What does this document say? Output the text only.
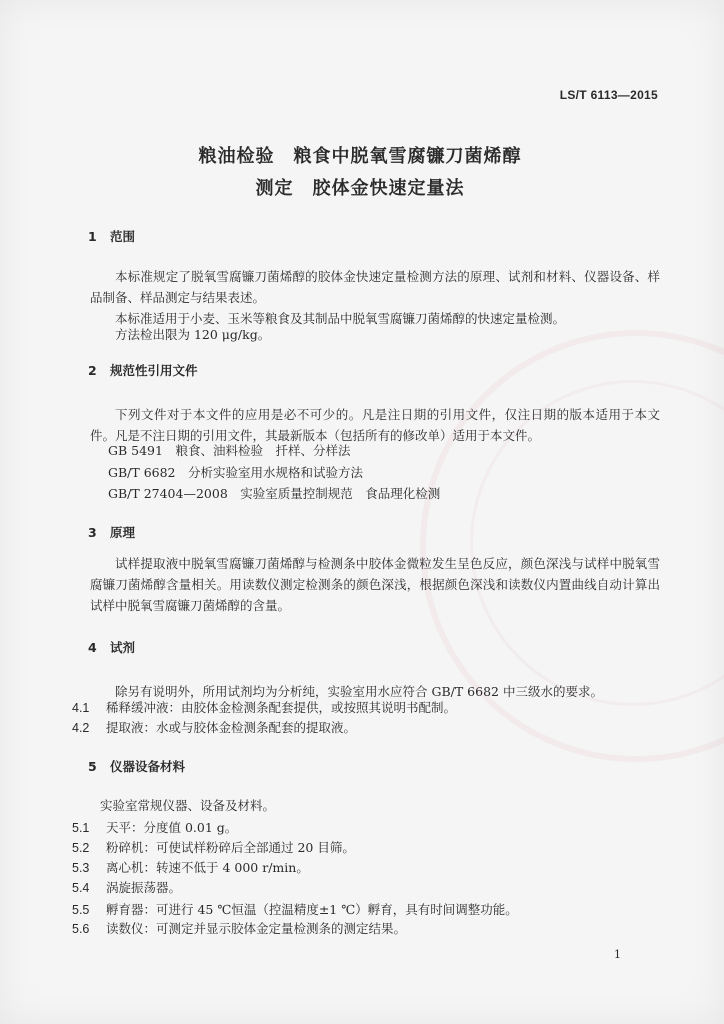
LS/T 6113—2015
粮油检验　粮食中脱氧雪腐镰刀菌烯醇
测定　胶体金快速定量法
1 范围
本标准规定了脱氧雪腐镰刀菌烯醇的胶体金快速定量检测方法的原理、试剂和材料、仪器设备、样品制备、样品测定与结果表述。
本标准适用于小麦、玉米等粮食及其制品中脱氧雪腐镰刀菌烯醇的快速定量检测。
方法检出限为 120 μg/kg。
2 规范性引用文件
下列文件对于本文件的应用是必不可少的。凡是注日期的引用文件，仅注日期的版本适用于本文件。凡是不注日期的引用文件，其最新版本（包括所有的修改单）适用于本文件。
GB 5491　粮食、油料检验　扦样、分样法
GB/T 6682　分析实验室用水规格和试验方法
GB/T 27404—2008　实验室质量控制规范　食品理化检测
3 原理
试样提取液中脱氧雪腐镰刀菌烯醇与检测条中胶体金微粒发生呈色反应，颜色深浅与试样中脱氧雪腐镰刀菌烯醇含量相关。用读数仪测定检测条的颜色深浅，根据颜色深浅和读数仪内置曲线自动计算出试样中脱氧雪腐镰刀菌烯醇的含量。
4 试剂
除另有说明外，所用试剂均为分析纯，实验室用水应符合 GB/T 6682 中三级水的要求。
4.1 稀释缓冲液：由胶体金检测条配套提供，或按照其说明书配制。
4.2 提取液：水或与胶体金检测条配套的提取液。
5 仪器设备材料
实验室常规仪器、设备及材料。
5.1 天平：分度值 0.01 g。
5.2 粉碎机：可使试样粉碎后全部通过 20 目筛。
5.3 离心机：转速不低于 4 000 r/min。
5.4 涡旋振荡器。
5.5 孵育器：可进行 45 ℃恒温（控温精度±1 ℃）孵育，具有时间调整功能。
5.6 读数仪：可测定并显示胶体金定量检测条的测定结果。
1
